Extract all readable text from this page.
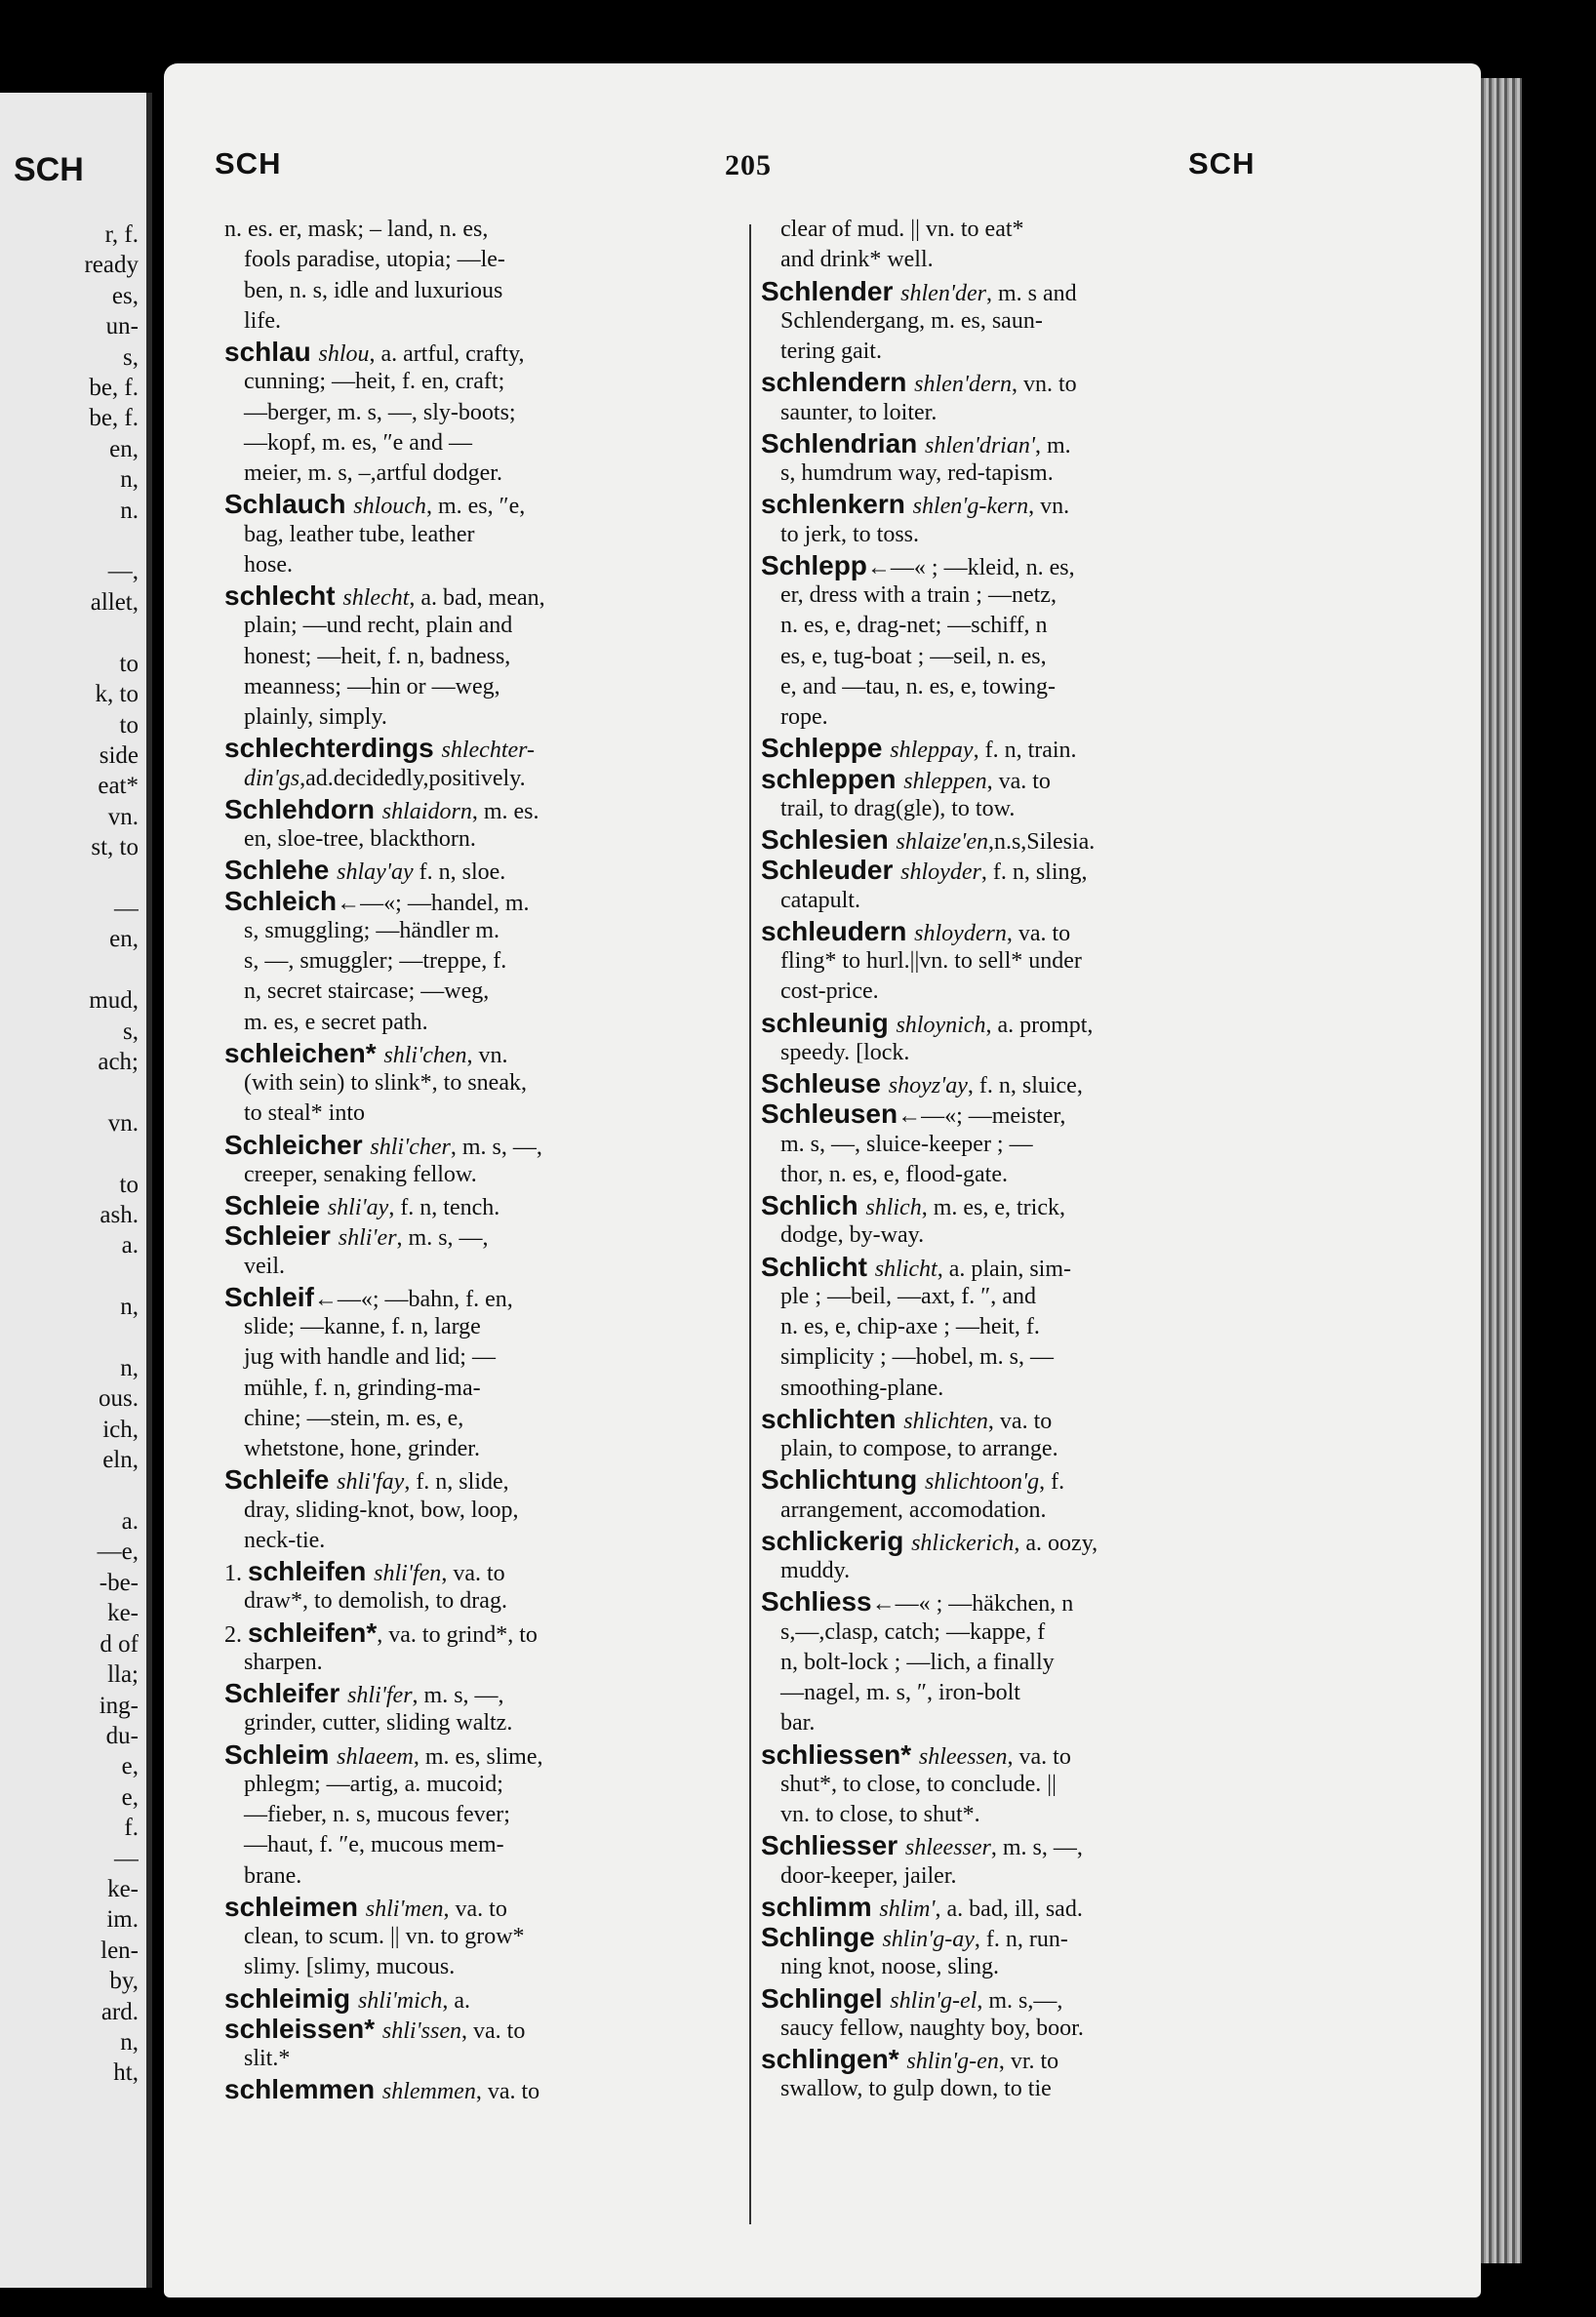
SCH
r, f.
ready
es,
un-
s,
be, f.
be, f.
en,
n,
n.

—,
allet,

to
k, to
to
side
eat*
vn.
st, to

—
en,

mud,
s,
ach;

vn.

to
ash.
a.

n,

n,
ous.
ich,
eln,

a.
—e,
-be-
ke-
d of
lla;
ing-
du-
e,
e,
f.
—
ke-
im.
len-
by,
ard.
n,
ht,
SCH	205	SCH
n. es. er, mask; – land, n. es,
fools paradise, utopia; —le-
ben, n. s, idle and luxurious
life.
schlau shlou, a. artful, crafty,
cunning; —heit, f. en, craft;
—berger, m. s, —, sly-boots;
—kopf, m. es, ″e and —
meier, m. s, –,artful dodger.
Schlauch shlouch, m. es, ″e,
bag, leather tube, leather
hose.
schlecht shlecht, a. bad, mean,
plain; —und recht, plain and
honest; —heit, f. n, badness,
meanness; —hin or —weg,
plainly, simply.
schlechterdings shlechter-
din'gs,ad.decidedly,positively.
Schlehdorn shlaidorn, m. es.
en, sloe-tree, blackthorn.
Schlehe shlay'ay f. n, sloe.
Schleich←—«; —handel, m.
s, smuggling; —händler m.
s, —, smuggler; —treppe, f.
n, secret staircase; —weg,
m. es, e secret path.
schleichen* shli'chen, vn.
(with sein) to slink*, to sneak,
to steal* into
Schleicher shli'cher, m. s, —,
creeper, senaking fellow.
Schleie shli'ay, f. n, tench.
Schleier shli'er, m. s, —,
veil.
Schleif←—«; —bahn, f. en,
slide; —kanne, f. n, large
jug with handle and lid; —
mühle, f. n, grinding-ma-
chine; —stein, m. es, e,
whetstone, hone, grinder.
Schleife shli'fay, f. n, slide,
dray, sliding-knot, bow, loop,
neck-tie.
1. schleifen shli'fen, va. to
draw*, to demolish, to drag.
2. schleifen*, va. to grind*, to
sharpen.
Schleifer shli'fer, m. s, —,
grinder, cutter, sliding waltz.
Schleim shlaeem, m. es, slime,
phlegm; —artig, a. mucoid;
—fieber, n. s, mucous fever;
—haut, f. ″e, mucous mem-
brane.
schleimen shli'men, va. to
clean, to scum. || vn. to grow*
slimy. [slimy, mucous.
schleimig shli'mich, a.
schleissen* shli'ssen, va. to
slit.*
schlemmen shlemmen, va. to
clear of mud. || vn. to eat*
and drink* well.
Schlender shlen'der, m. s and
Schlendergang, m. es, saun-
tering gait.
schlendern shlen'dern, vn. to
saunter, to loiter.
Schlendrian shlen'drian', m.
s, humdrum way, red-tapism.
schlenkern shlen'g-kern, vn.
to jerk, to toss.
Schlepp←—« ; —kleid, n. es,
er, dress with a train ; —netz,
n. es, e, drag-net; —schiff, n
es, e, tug-boat ; —seil, n. es,
e, and —tau, n. es, e, towing-
rope.
Schleppe shleppay, f. n, train.
schleppen shleppen, va. to
trail, to drag(gle), to tow.
Schlesien shlaize'en,n.s,Silesia.
Schleuder shloyder, f. n, sling,
catapult.
schleudern shloydern, va. to
fling* to hurl.||vn. to sell* under
cost-price.
schleunig shloynich, a. prompt,
speedy. [lock.
Schleuse shoyz'ay, f. n, sluice,
Schleusen←—«; —meister,
m. s, —, sluice-keeper ; —
thor, n. es, e, flood-gate.
Schlich shlich, m. es, e, trick,
dodge, by-way.
Schlicht shlicht, a. plain, sim-
ple ; —beil, —axt, f. ″, and
n. es, e, chip-axe ; —heit, f.
simplicity ; —hobel, m. s, —
smoothing-plane.
schlichten shlichten, va. to
plain, to compose, to arrange.
Schlichtung shlichtoon'g, f.
arrangement, accomodation.
schlickerig shlickerich, a. oozy,
muddy.
Schliess←—« ; —häkchen, n
s,—,clasp, catch; —kappe, f
n, bolt-lock ; —lich, a finally
—nagel, m. s, ″, iron-bolt
bar.
schliessen* shleessen, va. to
shut*, to close, to conclude. ||
vn. to close, to shut*.
Schliesser shleesser, m. s, —,
door-keeper, jailer.
schlimm shlim', a. bad, ill, sad.
Schlinge shlin'g-ay, f. n, run-
ning knot, noose, sling.
Schlingel shlin'g-el, m. s,—,
saucy fellow, naughty boy, boor.
schlingen* shlin'g-en, vr. to
swallow, to gulp down, to tie
